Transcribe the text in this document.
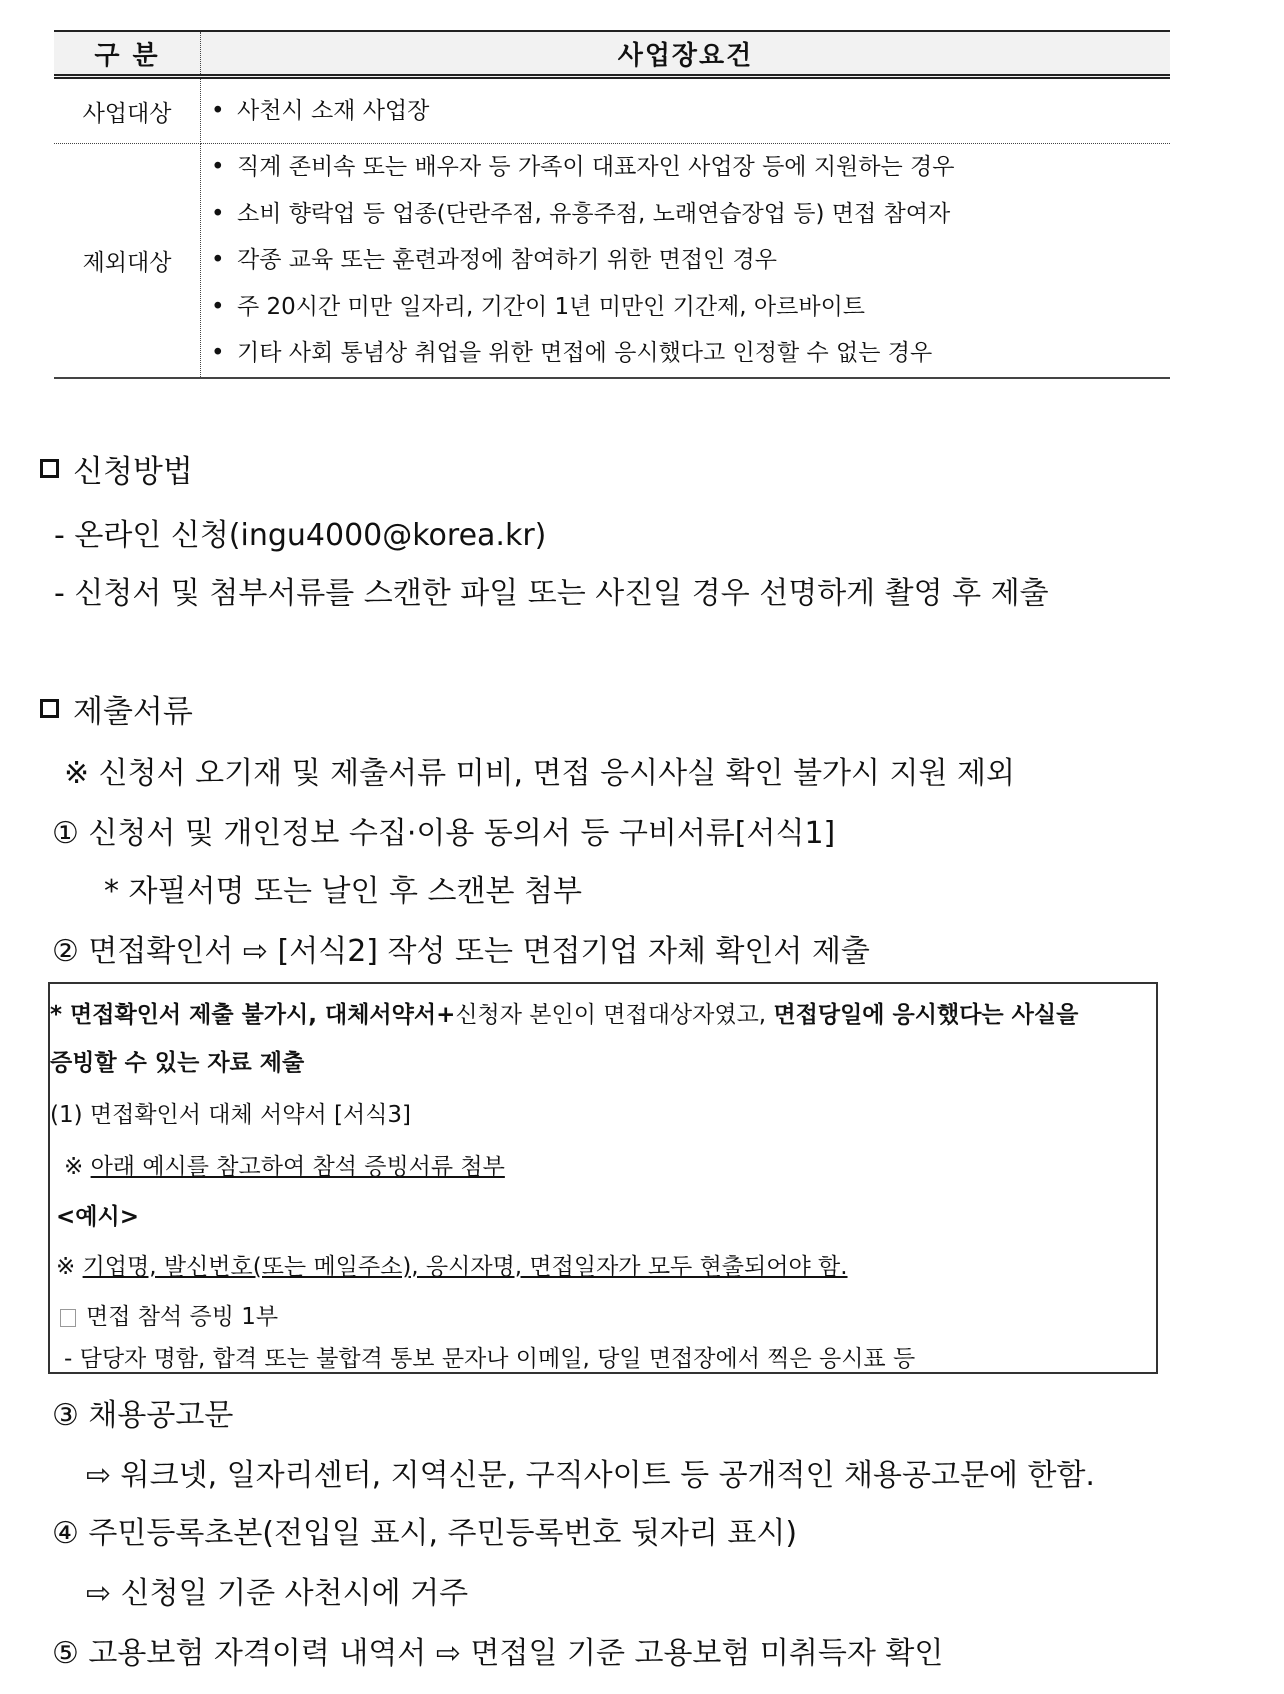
구 분	사업장요건
사업대상	• 사천시 소재 사업장

제외대상	• 직계 존비속 또는 배우자 등 가족이 대표자인 사업장 등에 지원하는 경우
• 소비 향락업 등 업종(단란주점, 유흥주점, 노래연습장업 등) 면접 참여자
• 각종 교육 또는 훈련과정에 참여하기 위한 면접인 경우
• 주 20시간 미만 일자리, 기간이 1년 미만인 기간제, 아르바이트
• 기타 사회 통념상 취업을 위한 면접에 응시했다고 인정할 수 없는 경우
신청방법
- 온라인 신청(ingu4000@korea.kr)
- 신청서 및 첨부서류를 스캔한 파일 또는 사진일 경우 선명하게 촬영 후 제출
제출서류
※ 신청서 오기재 및 제출서류 미비, 면접 응시사실 확인 불가시 지원 제외
① 신청서 및 개인정보 수집·이용 동의서 등 구비서류[서식1]
* 자필서명 또는 날인 후 스캔본 첨부
② 면접확인서 ⇨ [서식2] 작성 또는 면접기업 자체 확인서 제출
* 면접확인서 제출 불가시, 대체서약서+신청자 본인이 면접대상자였고, 면접당일에 응시했다는 사실을
증빙할 수 있는 자료 제출
(1) 면접확인서 대체 서약서 [서식3]
※ 아래 예시를 참고하여 참석 증빙서류 첨부
<예시>
※ 기업명, 발신번호(또는 메일주소), 응시자명, 면접일자가 모두 현출되어야 함.
면접 참석 증빙 1부
- 담당자 명함, 합격 또는 불합격 통보 문자나 이메일, 당일 면접장에서 찍은 응시표 등
③ 채용공고문
⇨ 워크넷, 일자리센터, 지역신문, 구직사이트 등 공개적인 채용공고문에 한함.
④ 주민등록초본(전입일 표시, 주민등록번호 뒷자리 표시)
⇨ 신청일 기준 사천시에 거주
⑤ 고용보험 자격이력 내역서 ⇨ 면접일 기준 고용보험 미취득자 확인
